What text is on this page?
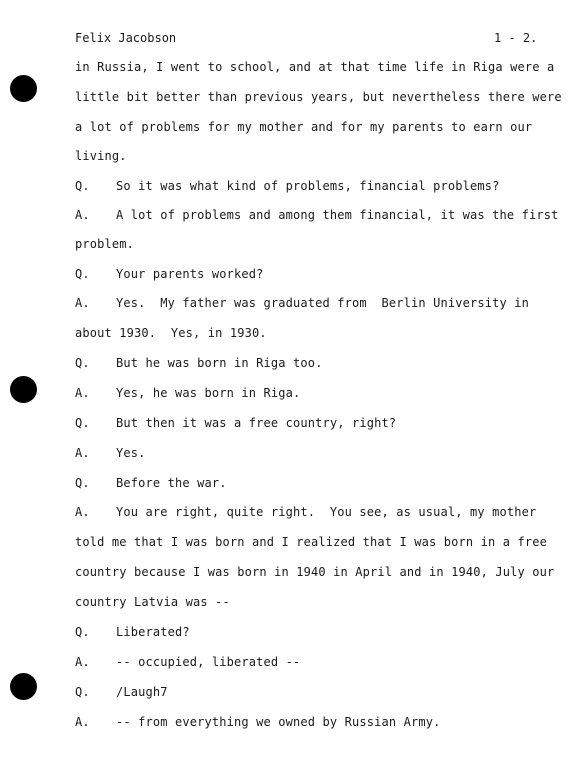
Felix Jacobson	1 - 2.
in Russia, I went to school, and at that time life in Riga were a
little bit better than previous years, but nevertheless there were
a lot of problems for my mother and for my parents to earn our
living.
Q. So it was what kind of problems, financial problems?
A. A lot of problems and among them financial, it was the first
problem.
Q. Your parents worked?
A. Yes.  My father was graduated from  Berlin University in
about 1930.  Yes, in 1930.
Q. But he was born in Riga too.
A. Yes, he was born in Riga.
Q. But then it was a free country, right?
A. Yes.
Q. Before the war.
A. You are right, quite right.  You see, as usual, my mother
told me that I was born and I realized that I was born in a free
country because I was born in 1940 in April and in 1940, July our
country Latvia was --
Q. Liberated?
A. -- occupied, liberated --
Q. /Laugh7
A. -- from everything we owned by Russian Army.
